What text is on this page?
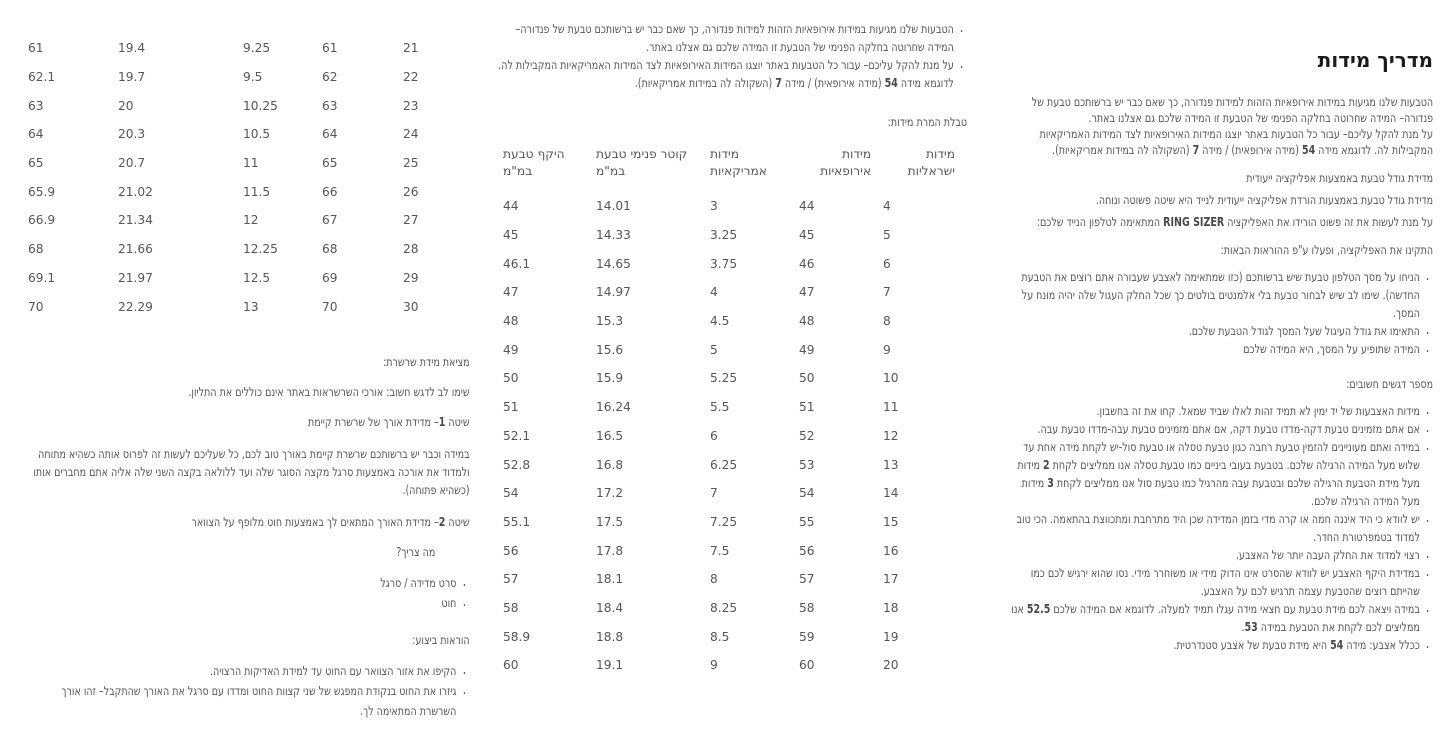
מדריך מידות

הטבעות שלנו מגיעות במידות אירופאיות הזהות למידות פנדורה, כך שאם כבר יש ברשותכם טבעת של פנדורה– המידה שחרוטה בחלקה הפנימי של הטבעת זו המידה שלכם גם אצלנו באתר.

על מנת להקל עליכם– עבור כל הטבעות באתר יוצגו המידות האירופאיות לצד המידות האמריקאיות המקבילות לה. לדוגמא מידה 54 (מידה אירופאית) / מידה 7 (השקולה לה במידות אמריקאיות).

מדידת גודל טבעת באמצעות אפליקציה ייעודית

מדידת גודל טבעת באמצעות הורדת אפליקציה ייעודית לנייד היא שיטה פשוטה ונוחה.

על מנת לעשות את זה פשוט הורידו את האפליקציה RING SIZER המתאימה לטלפון הנייד שלכם:

התקינו את האפליקציה, ופעלו ע"פ ההוראות הבאות:

• הניחו על מסך הטלפון טבעת שיש ברשותכם (כזו שמתאימה לאצבע שעבורה אתם רוצים את הטבעת החדשה). שימו לב שיש לבחור טבעת בלי אלמנטים בולטים כך שכל החלק העגול שלה יהיה מונח על המסך.
• התאימו את גודל העיגול שעל המסך לגודל הטבעת שלכם.
• המידה שתופיע על המסך, היא המידה שלכם

מספר דגשים חשובים:

• מידות האצבעות של יד ימין לא תמיד זהות לאלו שביד שמאל. קחו את זה בחשבון.
• אם אתם מזמינים טבעת דקה-מדדו טבעת דקה, אם אתם מזמינים טבעת עבה-מדדו טבעת עבה.
• במידה ואתם מעוניינים להזמין טבעת רחבה כגון טבעת טסלה או טבעת סול-יש לקחת מידה אחת עד שלוש מעל המידה הרגילה שלכם. בטבעת בעובי ביניים כמו טבעת טסלה אנו ממליצים לקחת 2 מידות מעל מידת הטבעת הרגילה שלכם ובטבעת עבה מהרגיל כמו טבעת סול אנו ממליצים לקחת 3 מידות מעל המידה הרגילה שלכם.
• יש לוודא כי היד איננה חמה או קרה מדי בזמן המדידה שכן היד מתרחבת ומתכווצת בהתאמה. הכי טוב למדוד בטמפרטורת החדר.
• רצוי למדוד את החלק העבה יותר של האצבע.
• במדידת היקף האצבע יש לוודא שהסרט אינו הדוק מידי או משוחרר מידי. נסו שהוא ירגיש לכם כמו שהייתם רוצים שהטבעת עצמה תרגיש לכם על האצבע.
• במידה ויצאה לכם מידת טבעת עם חצאי מידה עגלו תמיד למעלה. לדוגמא אם המידה שלכם 52.5 אנו ממליצים לכם לקחת את הטבעת במידה 53.
• ככלל אצבע: מידה 54 היא מידת טבעת של אצבע סטנדרטית.
• הטבעות שלנו מגיעות במידות אירופאיות הזהות למידות פנדורה, כך שאם כבר יש ברשותכם טבעת של פנדורה– המידה שחרוטה בחלקה הפנימי של הטבעת זו המידה שלכם גם אצלנו באתר.
• על מנת להקל עליכם– עבור כל הטבעות באתר יוצגו המידות האירופאיות לצד המידות האמריקאיות המקבילות לה. לדוגמא מידה 54 (מידה אירופאית) / מידה 7 (השקולה לה במידות אמריקאיות).

טבלת המרת מידות:

מידות ישראליות	מידות אירופאיות	מידות אמריקאיות	קוטר פנימי טבעת במ"מ	היקף טבעת במ"מ
4	44	3	14.01	44
5	45	3.25	14.33	45
6	46	3.75	14.65	46.1
7	47	4	14.97	47
8	48	4.5	15.3	48
9	49	5	15.6	49
10	50	5.25	15.9	50
11	51	5.5	16.24	51
12	52	6	16.5	52.1
13	53	6.25	16.8	52.8
14	54	7	17.2	54
15	55	7.25	17.5	55.1
16	56	7.5	17.8	56
17	57	8	18.1	57
18	58	8.25	18.4	58
19	59	8.5	18.8	58.9
20	60	9	19.1	60
21	61	9.25	19.4	61
22	62	9.5	19.7	62.1
23	63	10.25	20	63
24	64	10.5	20.3	64
25	65	11	20.7	65
26	66	11.5	21.02	65.9
27	67	12	21.34	66.9
28	68	12.25	21.66	68
29	69	12.5	21.97	69.1
30	70	13	22.29	70

מציאת מידת שרשרת:

שימו לב לדגש חשוב: אורכי השרשראות באתר אינם כוללים את התליון.

שיטה 1– מדידת אורך של שרשרת קיימת

במידה וכבר יש ברשותכם שרשרת קיימת באורך טוב לכם, כל שעליכם לעשות זה לפרוס אותה כשהיא מתוחה ולמדוד את אורכה באמצעות סרגל מקצה הסוגר שלה ועד ללולאה בקצה השני שלה אליה אתם מחברים אותו (כשהיא פתוחה).

שיטה 2– מדידת האורך המתאים לך באמצעות חוט מלופף על הצוואר

מה צריך?

• סרט מדידה / סרגל
• חוט

הוראות ביצוע:

• הקיפו את אזור הצוואר עם החוט עד למידת האדיקות הרצויה.
• גיזרו את החוט בנקודת המפגש של שני קצוות החוט ומדדו עם סרגל את האורך שהתקבל– זהו אורך השרשרת המתאימה לך.
